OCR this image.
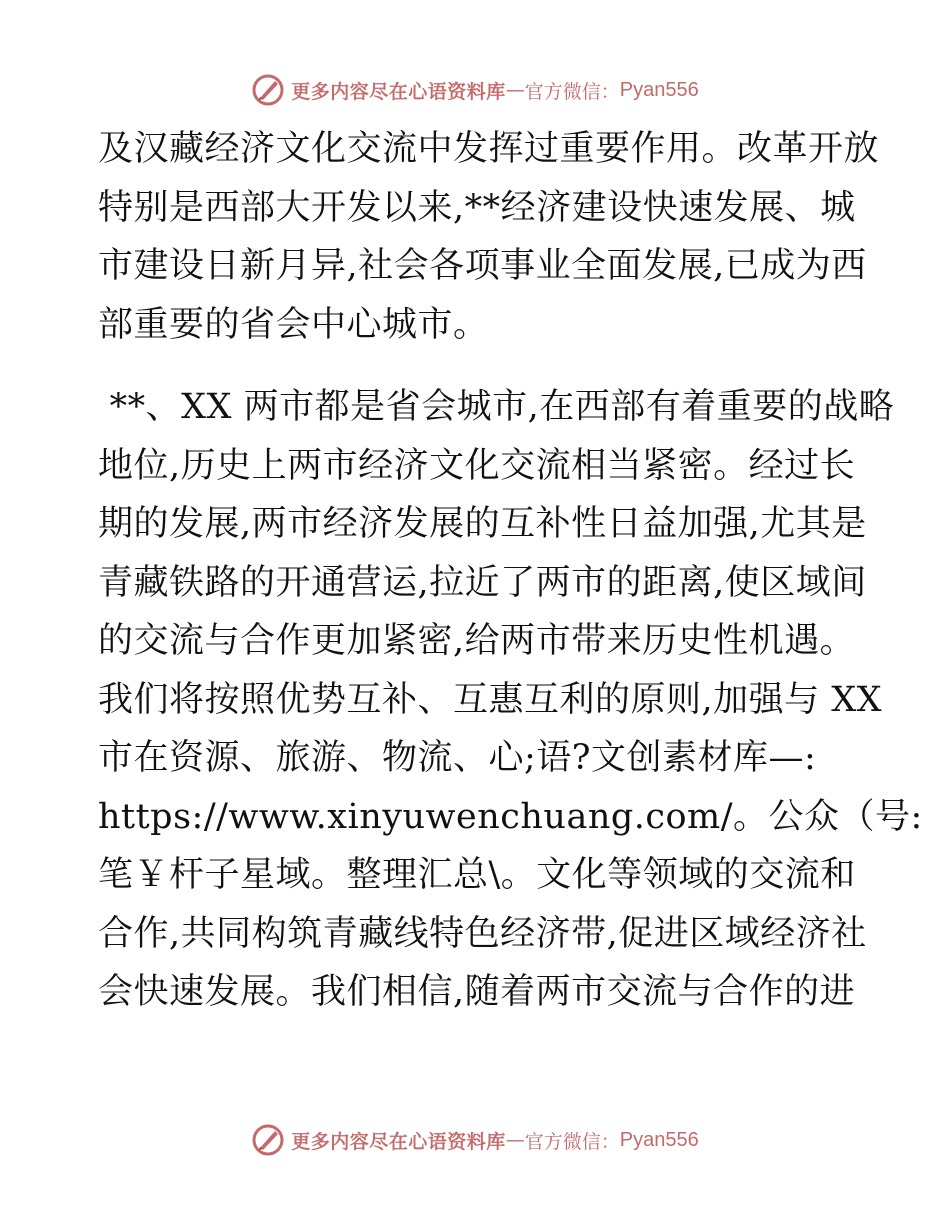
更多内容尽在心语资料库 — 官方微信： Pyan556

及汉藏经济文化交流中发挥过重要作用。改革开放
特别是西部大开发以来,**经济建设快速发展、城
市建设日新月异,社会各项事业全面发展,已成为西
部重要的省会中心城市。

**、XX 两市都是省会城市,在西部有着重要的战略
地位,历史上两市经济文化交流相当紧密。经过长
期的发展,两市经济发展的互补性日益加强,尤其是
青藏铁路的开通营运,拉近了两市的距离,使区域间
的交流与合作更加紧密,给两市带来历史性机遇。
我们将按照优势互补、互惠互利的原则,加强与 XX
市在资源、旅游、物流、心;语?文创素材库—:
https://www.xinyuwenchuang.com/。公众（号:
笔￥杆子星域。整理汇总\。文化等领域的交流和
合作,共同构筑青藏线特色经济带,促进区域经济社
会快速发展。我们相信,随着两市交流与合作的进

更多内容尽在心语资料库 — 官方微信： Pyan556
